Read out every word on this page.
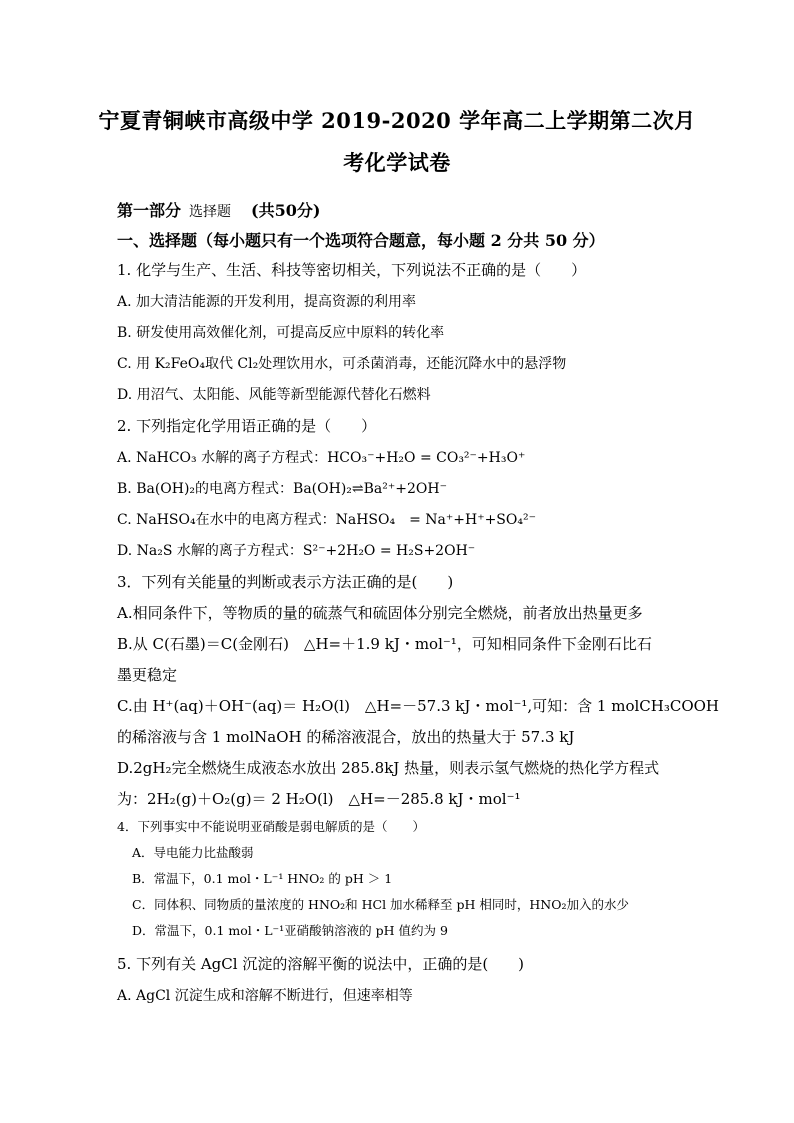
宁夏青铜峡市高级中学 2019-2020 学年高二上学期第二次月
考化学试卷
第一部分 选择题 (共50分)
一、选择题（每小题只有一个选项符合题意，每小题 2 分共 50 分）
1. 化学与生产、生活、科技等密切相关，下列说法不正确的是（　　）
A. 加大清洁能源的开发利用，提高资源的利用率
B. 研发使用高效催化剂，可提高反应中原料的转化率
C. 用 K₂FeO₄取代 Cl₂处理饮用水，可杀菌消毒，还能沉降水中的悬浮物
D. 用沼气、太阳能、风能等新型能源代替化石燃料
2. 下列指定化学用语正确的是（　　）
A. NaHCO₃ 水解的离子方程式：HCO₃⁻+H₂O = CO₃²⁻+H₃O⁺
B. Ba(OH)₂的电离方程式：Ba(OH)₂⇌Ba²⁺+2OH⁻
C. NaHSO₄在水中的电离方程式：NaHSO₄　= Na⁺+H⁺+SO₄²⁻
D. Na₂S 水解的离子方程式：S²⁻+2H₂O = H₂S+2OH⁻
3．下列有关能量的判断或表示方法正确的是(　　)
A.相同条件下，等物质的量的硫蒸气和硫固体分别完全燃烧，前者放出热量更多
B.从 C(石墨)＝C(金刚石)　△H=＋1.9 kJ・mol⁻¹，可知相同条件下金刚石比石
墨更稳定
C.由 H⁺(aq)＋OH⁻(aq)＝ H₂O(l)　△H=－57.3 kJ・mol⁻¹,可知：含 1 molCH₃COOH
的稀溶液与含 1 molNaOH 的稀溶液混合，放出的热量大于 57.3 kJ
D.2gH₂完全燃烧生成液态水放出 285.8kJ 热量，则表示氢气燃烧的热化学方程式
为：2H₂(g)＋O₂(g)＝ 2 H₂O(l)　△H=－285.8 kJ・mol⁻¹
4．下列事实中不能说明亚硝酸是弱电解质的是（　　）
A．导电能力比盐酸弱
B．常温下，0.1 mol・L⁻¹ HNO₂ 的 pH ＞ 1
C．同体积、同物质的量浓度的 HNO₂和 HCl 加水稀释至 pH 相同时，HNO₂加入的水少
D．常温下，0.1 mol・L⁻¹亚硝酸钠溶液的 pH 值约为 9
5. 下列有关 AgCl 沉淀的溶解平衡的说法中，正确的是(　　)
A. AgCl 沉淀生成和溶解不断进行，但速率相等
